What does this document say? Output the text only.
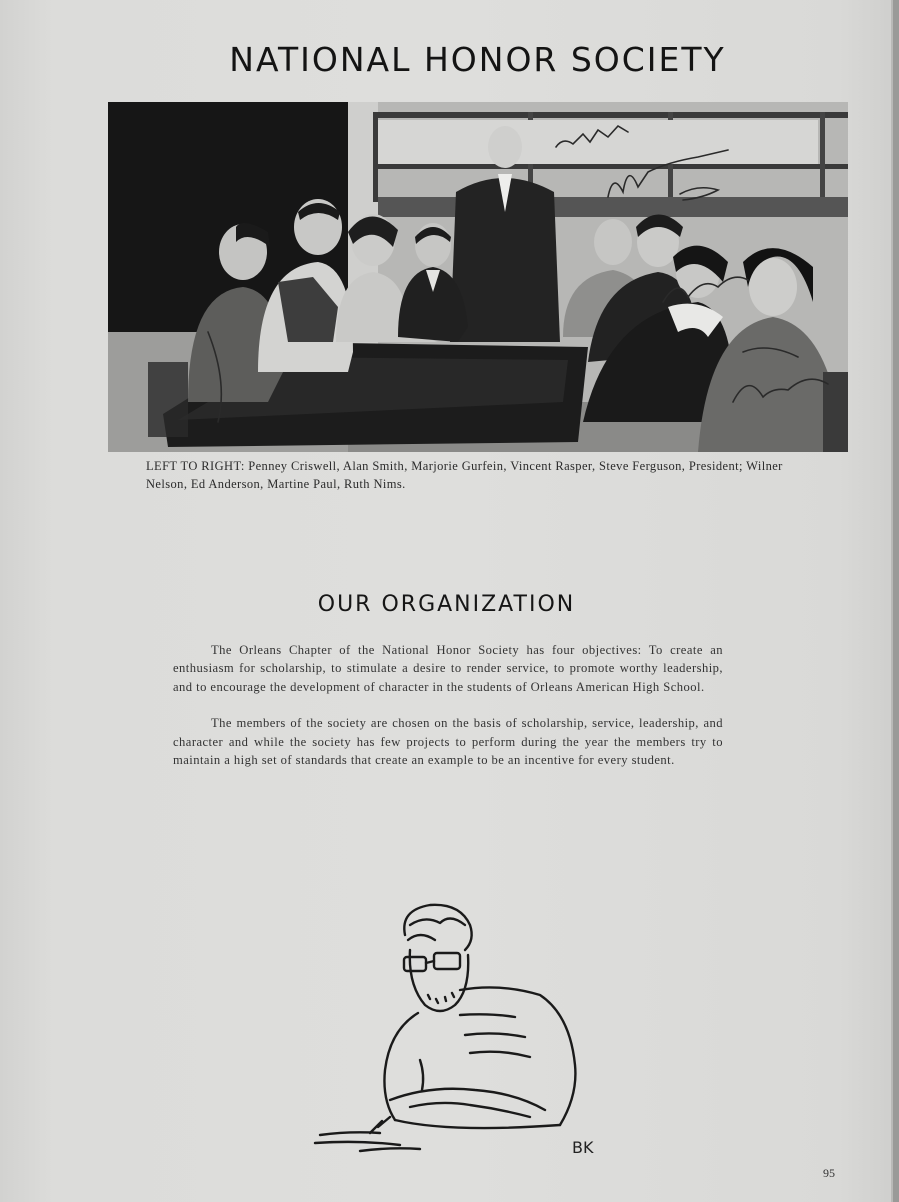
NATIONAL HONOR SOCIETY
LEFT TO RIGHT: Penney Criswell, Alan Smith, Marjorie Gurfein, Vincent Rasper, Steve Ferguson, President; Wilner Nelson, Ed Anderson, Martine Paul, Ruth Nims.
OUR ORGANIZATION

The Orleans Chapter of the National Honor Society has four objectives: To create an enthusiasm for scholarship, to stimulate a desire to render service, to promote worthy leadership, and to encourage the development of character in the students of Orleans American High School.

The members of the society are chosen on the basis of scholarship, service, leadership, and character and while the society has few projects to perform during the year the members try to maintain a high set of standards that create an example to be an incentive for every student.

BK
95
